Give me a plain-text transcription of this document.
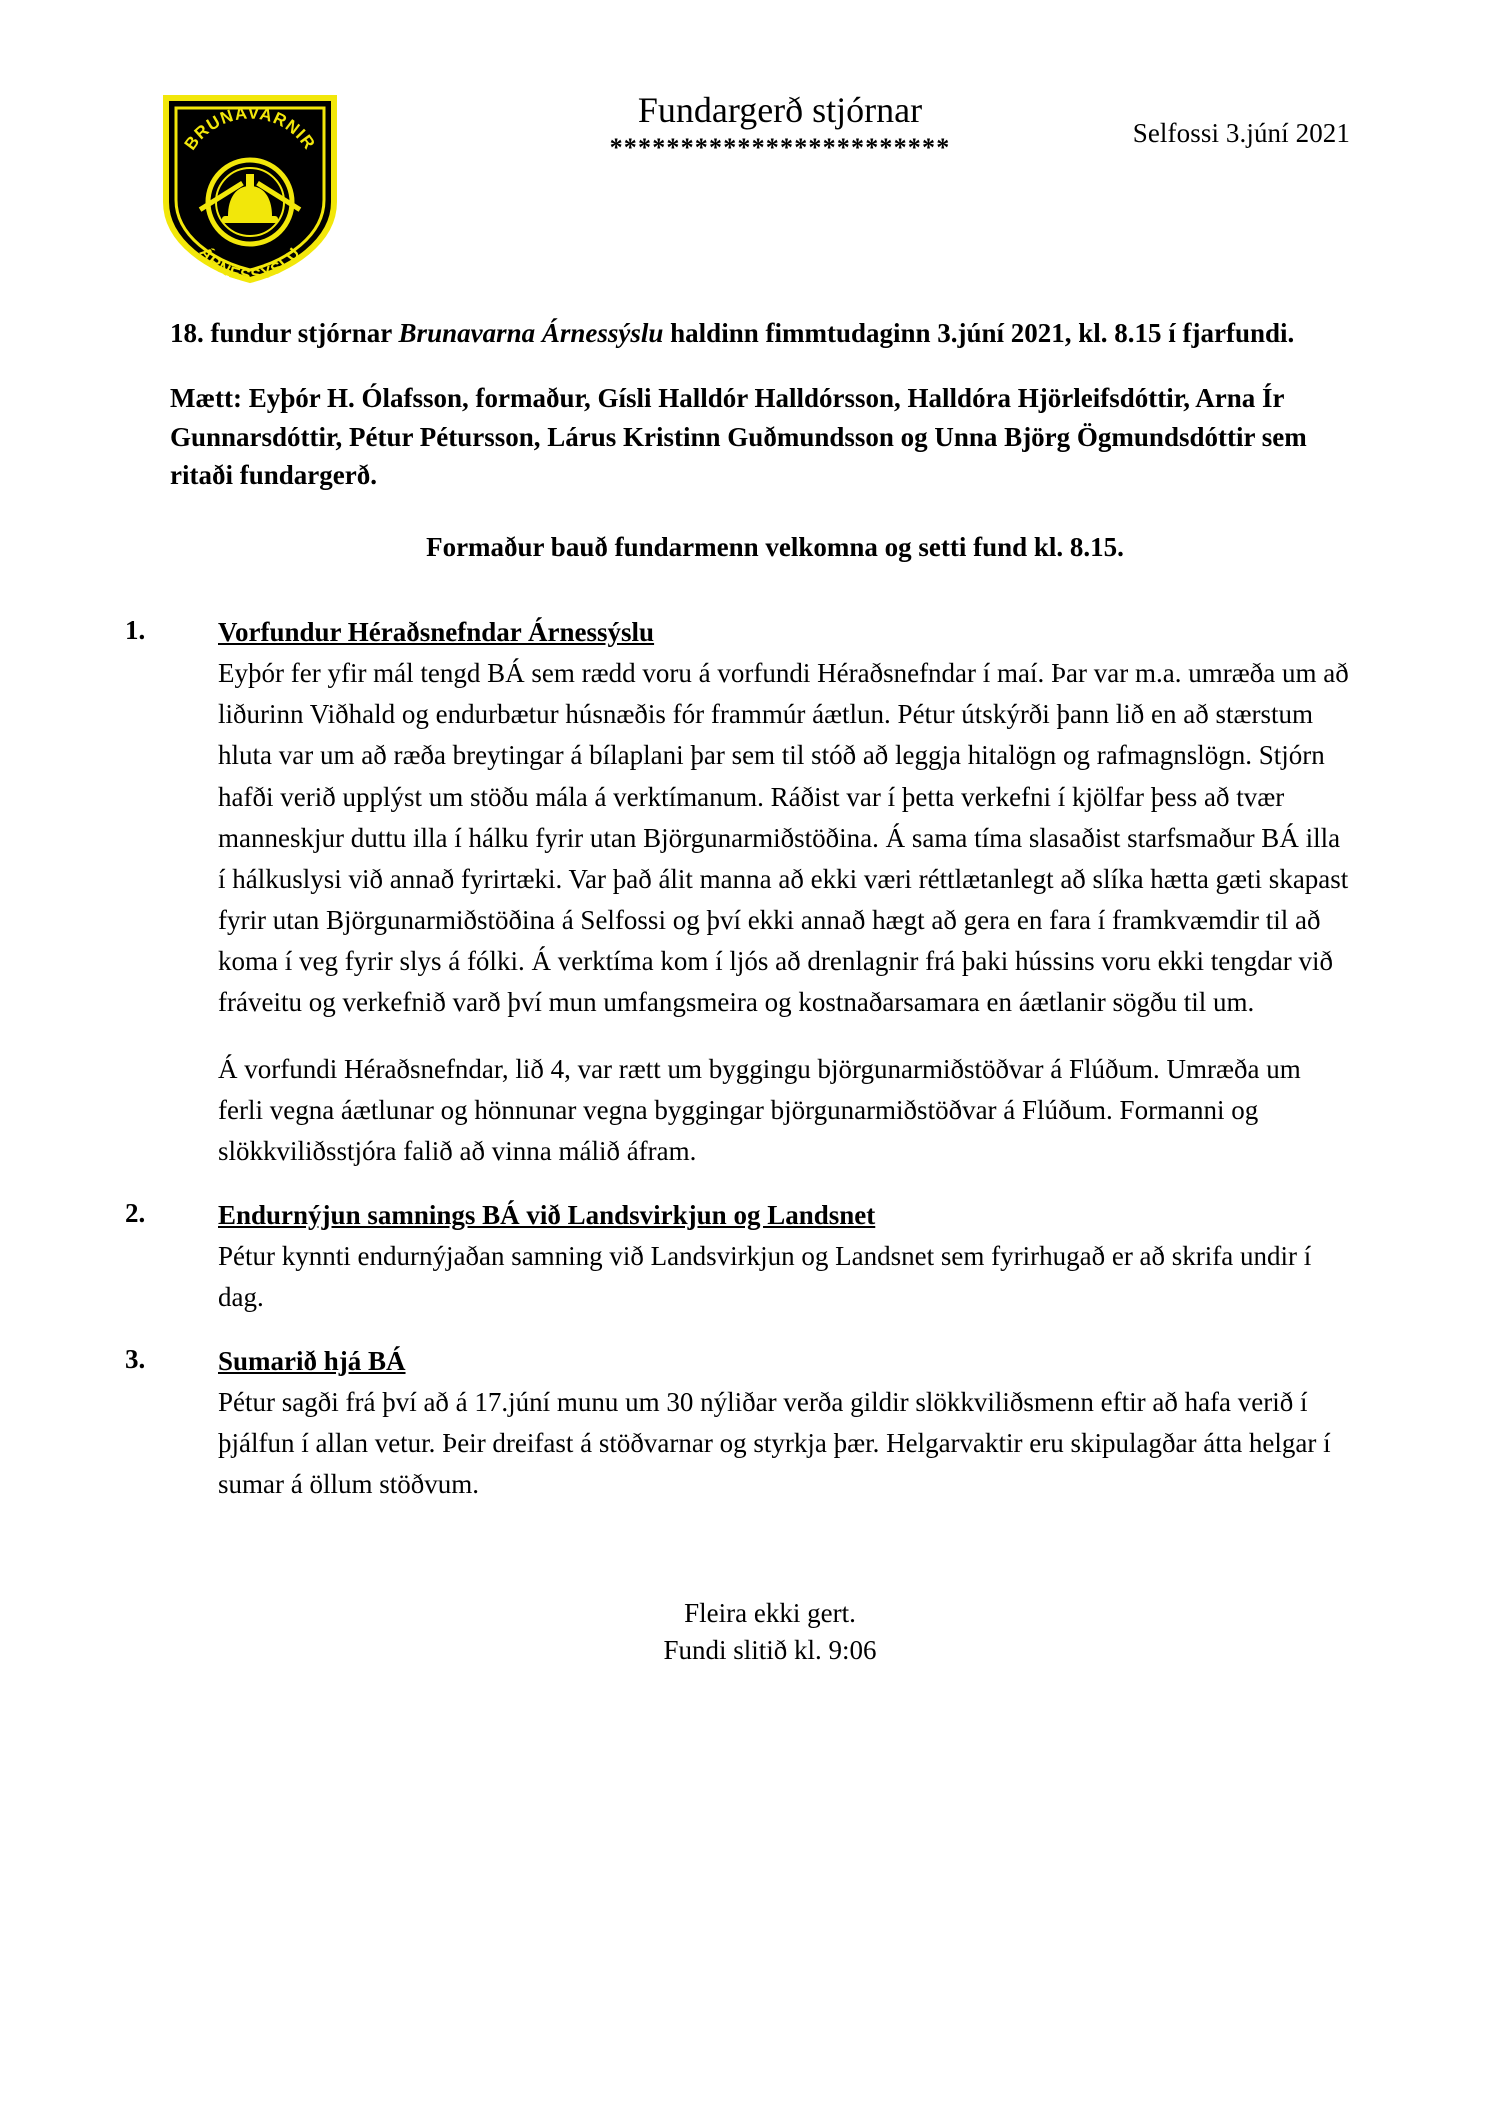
BRUNAVARNIR
ÁRNESSÝSLU
Selfossi 3.júní 2021
Fundargerð stjórnar
************************

18. fundur stjórnar Brunavarna Árnessýslu haldinn fimmtudaginn 3.júní 2021, kl. 8.15 í fjarfundi.

Mætt: Eyþór H. Ólafsson, formaður, Gísli Halldór Halldórsson, Halldóra Hjörleifsdóttir, Arna Ír Gunnarsdóttir, Pétur Pétursson, Lárus Kristinn Guðmundsson og Unna Björg Ögmundsdóttir sem ritaði fundargerð.

Formaður bauð fundarmenn velkomna og setti fund kl. 8.15.

1.	Vorfundur Héraðsnefndar Árnessýslu
Eyþór fer yfir mál tengd BÁ sem rædd voru á vorfundi Héraðsnefndar í maí. Þar var m.a. umræða um að liðurinn Viðhald og endurbætur húsnæðis fór frammúr áætlun. Pétur útskýrði þann lið en að stærstum hluta var um að ræða breytingar á bílaplani þar sem til stóð að leggja hitalögn og rafmagnslögn. Stjórn hafði verið upplýst um stöðu mála á verktímanum. Ráðist var í þetta verkefni í kjölfar þess að tvær manneskjur duttu illa í hálku fyrir utan Björgunarmiðstöðina. Á sama tíma slasaðist starfsmaður BÁ illa í hálkuslysi við annað fyrirtæki. Var það álit manna að ekki væri réttlætanlegt að slíka hætta gæti skapast fyrir utan Björgunarmiðstöðina á Selfossi og því ekki annað hægt að gera en fara í framkvæmdir til að koma í veg fyrir slys á fólki. Á verktíma kom í ljós að drenlagnir frá þaki hússins voru ekki tengdar við fráveitu og verkefnið varð því mun umfangsmeira og kostnaðarsamara en áætlanir sögðu til um.
Á vorfundi Héraðsnefndar, lið 4, var rætt um byggingu björgunarmiðstöðvar á Flúðum. Umræða um ferli vegna áætlunar og hönnunar vegna byggingar björgunarmiðstöðvar á Flúðum. Formanni og slökkviliðsstjóra falið að vinna málið áfram.
2.	Endurnýjun samnings BÁ við Landsvirkjun og Landsnet
Pétur kynnti endurnýjaðan samning við Landsvirkjun og Landsnet sem fyrirhugað er að skrifa undir í dag.
3.	Sumarið hjá BÁ
Pétur sagði frá því að á 17.júní munu um 30 nýliðar verða gildir slökkviliðsmenn eftir að hafa verið í þjálfun í allan vetur. Þeir dreifast á stöðvarnar og styrkja þær. Helgarvaktir eru skipulagðar átta helgar í sumar á öllum stöðvum.
Fleira ekki gert.
Fundi slitið kl. 9:06
